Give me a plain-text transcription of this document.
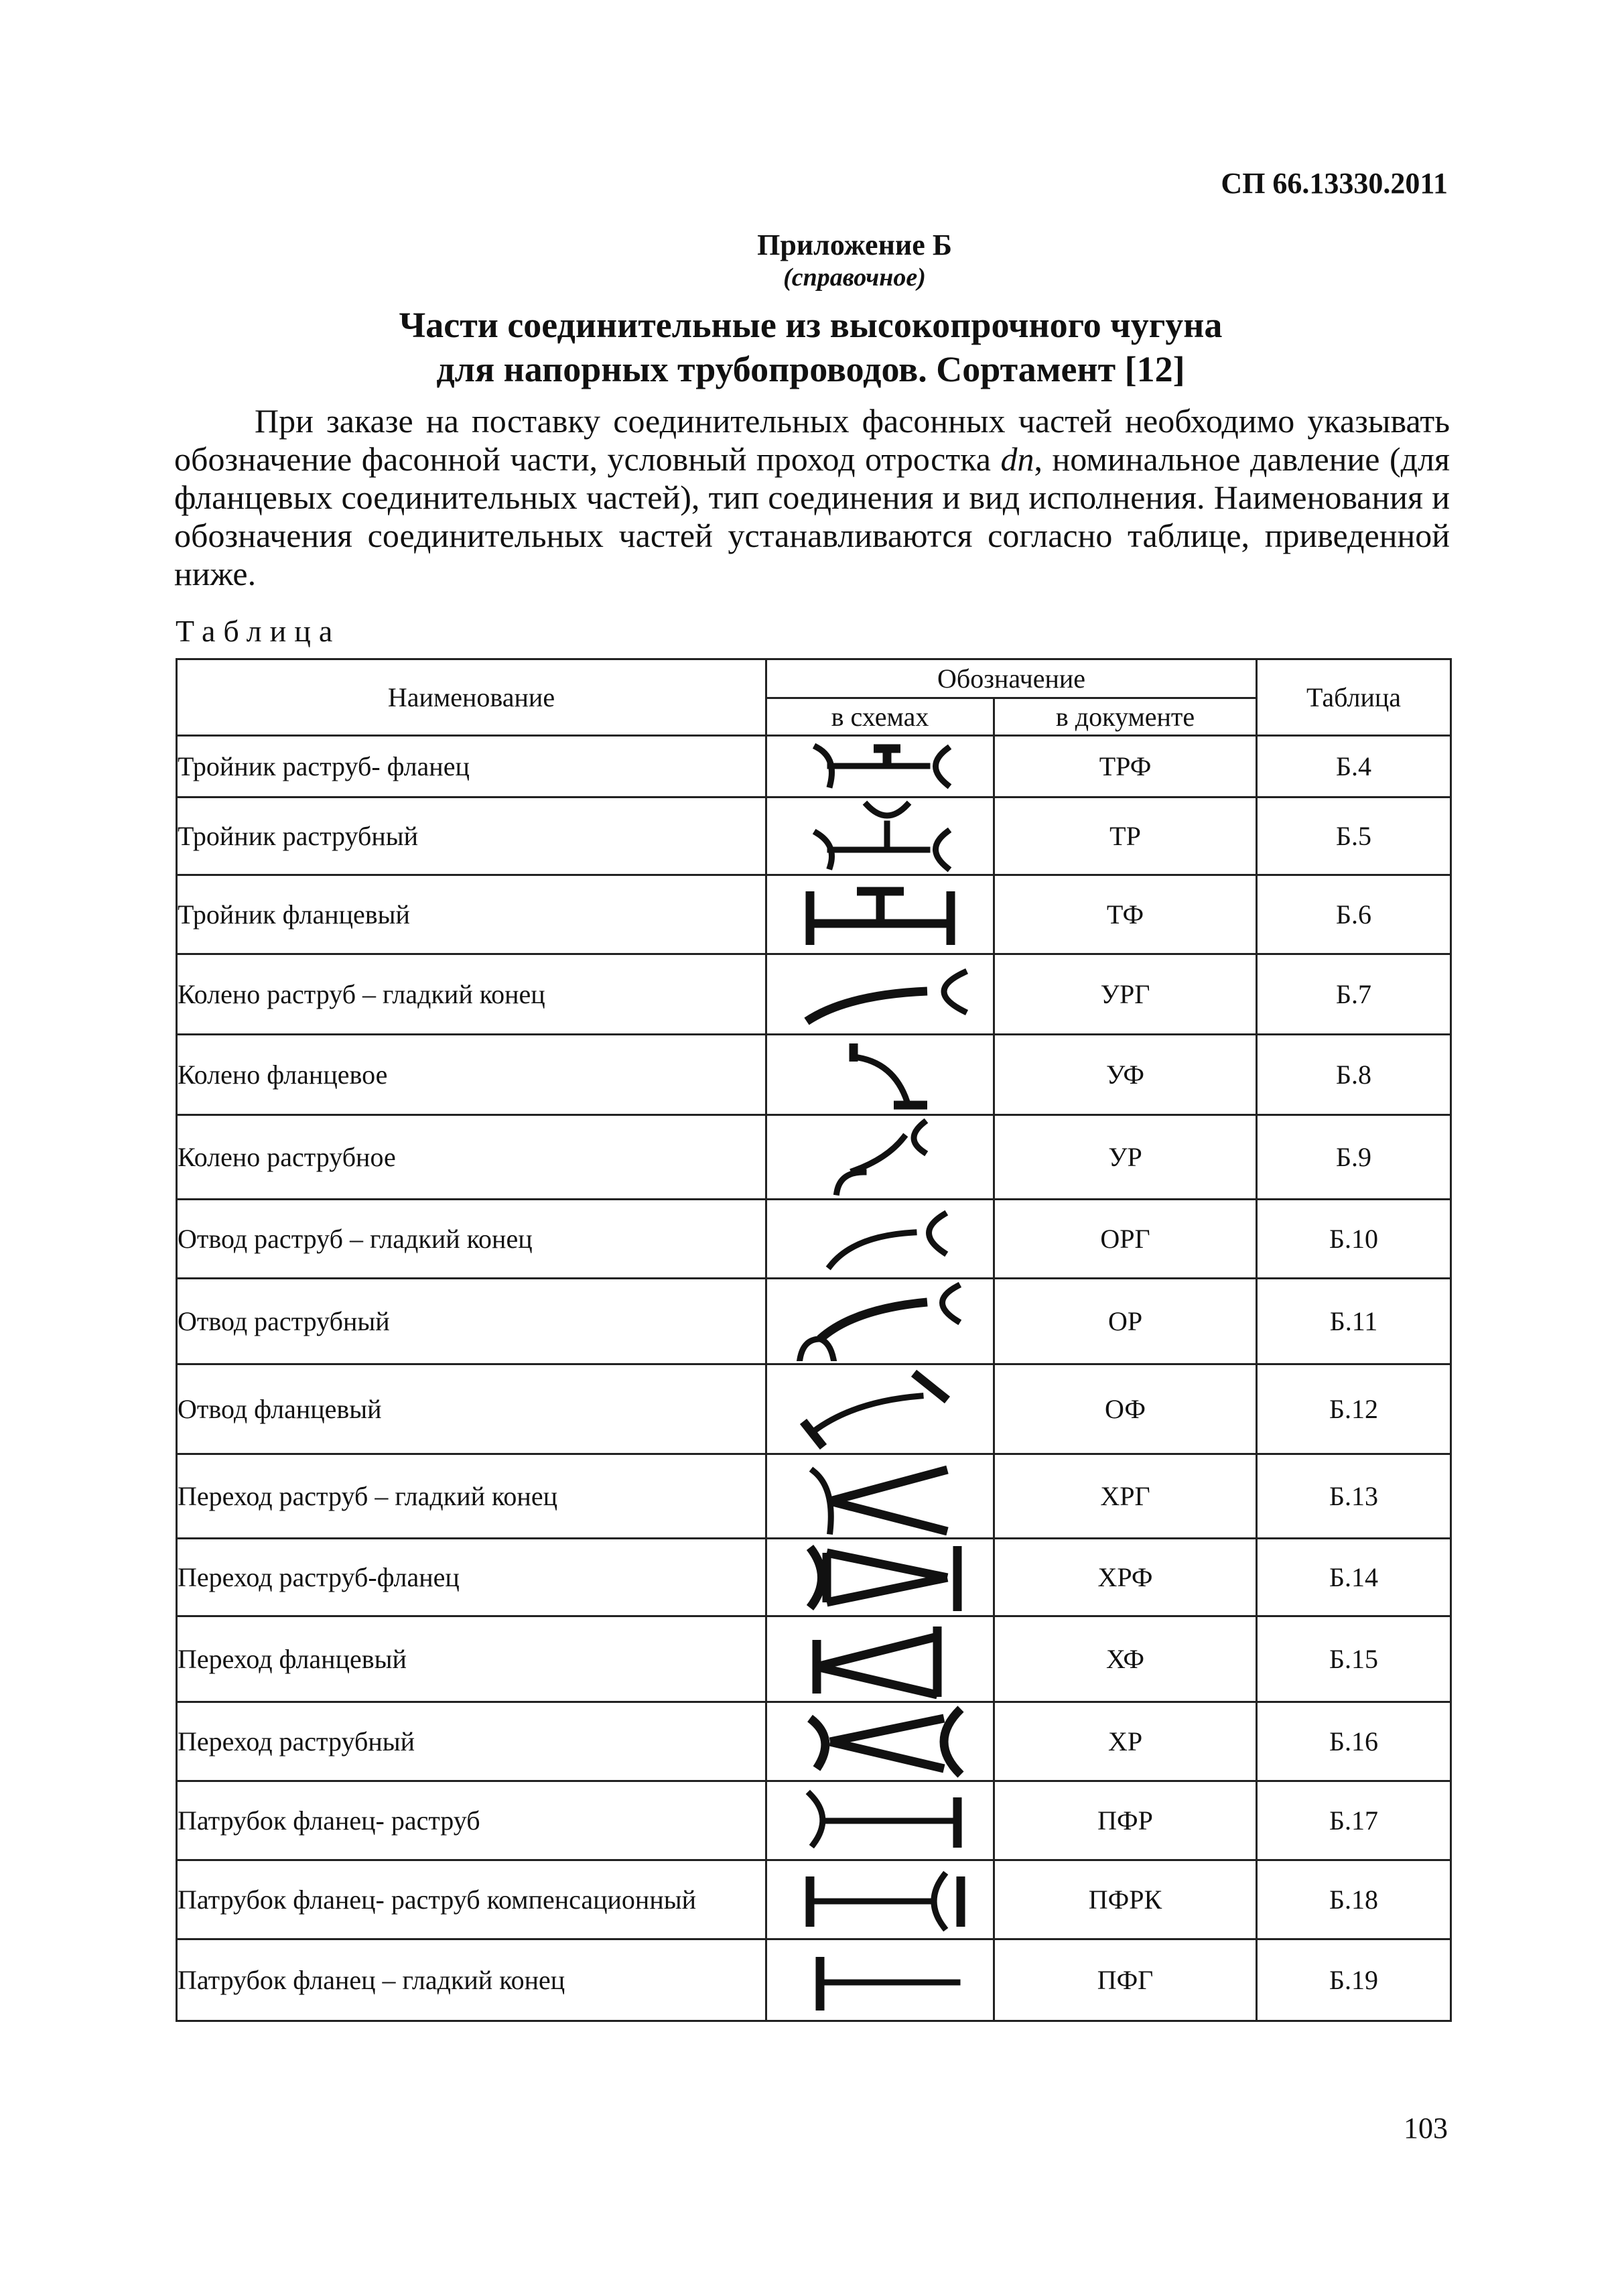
СП 66.13330.2011
Приложение Б
(справочное)
Части соединительные из высокопрочного чугуна
для напорных трубопроводов. Сортамент [12]
При заказе на поставку соединительных фасонных частей необходимо указывать обозначение фасонной части, условный проход отростка dn, номинальное давление (для фланцевых соединительных частей), тип соединения и вид исполнения. Наименования и обозначения соединительных частей устанавливаются согласно таблице, приведенной ниже.
Таблица
Наименование	Обозначение		Таблица
	в схемах	в документе	
Тройник раструб- фланец		ТРФ	Б.4
Тройник раструбный		ТР	Б.5
Тройник фланцевый		ТФ	Б.6
Колено раструб – гладкий конец		УРГ	Б.7
Колено фланцевое		УФ	Б.8
Колено раструбное		УР	Б.9
Отвод раструб – гладкий конец		ОРГ	Б.10
Отвод раструбный		ОР	Б.11
Отвод фланцевый		ОФ	Б.12
Переход раструб – гладкий конец		ХРГ	Б.13
Переход раструб-фланец		ХРФ	Б.14
Переход фланцевый		ХФ	Б.15
Переход раструбный		ХР	Б.16
Патрубок фланец- раструб		ПФР	Б.17
Патрубок фланец- раструб компенсационный		ПФРК	Б.18
Патрубок фланец – гладкий конец		ПФГ	Б.19
103
